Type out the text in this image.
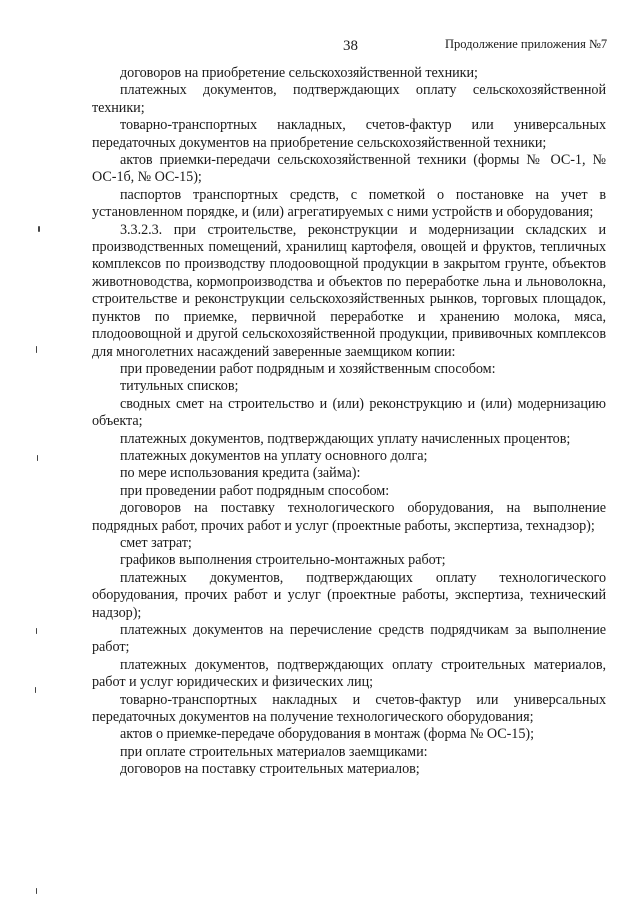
38	Продолжение приложения №7

договоров на приобретение сельскохозяйственной техники;

платежных документов, подтверждающих оплату сельскохозяйственной техники;

товарно-транспортных накладных, счетов-фактур или универсальных передаточных документов на приобретение сельскохозяйственной техники;

актов приемки-передачи сельскохозяйственной техники (формы № ОС-1, № ОС-1б, № ОС-15);

паспортов транспортных средств, с пометкой о постановке на учет в установленном порядке, и (или) агрегатируемых с ними устройств и оборудования;

3.3.2.3. при строительстве, реконструкции и модернизации складских и производственных помещений, хранилищ картофеля, овощей и фруктов, тепличных комплексов по производству плодоовощной продукции в закрытом грунте, объектов животноводства, кормопроизводства и объектов по переработке льна и льноволокна, строительстве и реконструкции сельскохозяйственных рынков, торговых площадок, пунктов по приемке, первичной переработке и хранению молока, мяса, плодоовощной и другой сельскохозяйственной продукции, прививочных комплексов для многолетних насаждений заверенные заемщиком копии:

при проведении работ подрядным и хозяйственным способом:

титульных списков;

сводных смет на строительство и (или) реконструкцию и (или) модернизацию объекта;

платежных документов, подтверждающих уплату начисленных процентов;

платежных документов на уплату основного долга;

по мере использования кредита (займа):

при проведении работ подрядным способом:

договоров на поставку технологического оборудования, на выполнение подрядных работ, прочих работ и услуг (проектные работы, экспертиза, технадзор);

смет затрат;

графиков выполнения строительно-монтажных работ;

платежных документов, подтверждающих оплату технологического оборудования, прочих работ и услуг (проектные работы, экспертиза, технический надзор);

платежных документов на перечисление средств подрядчикам за выполнение работ;

платежных документов, подтверждающих оплату строительных материалов, работ и услуг юридических и физических лиц;

товарно-транспортных накладных и счетов-фактур или универсальных передаточных документов на получение технологического оборудования;

актов о приемке-передаче оборудования в монтаж (форма № ОС-15);

при оплате строительных материалов заемщиками:

договоров на поставку строительных материалов;
